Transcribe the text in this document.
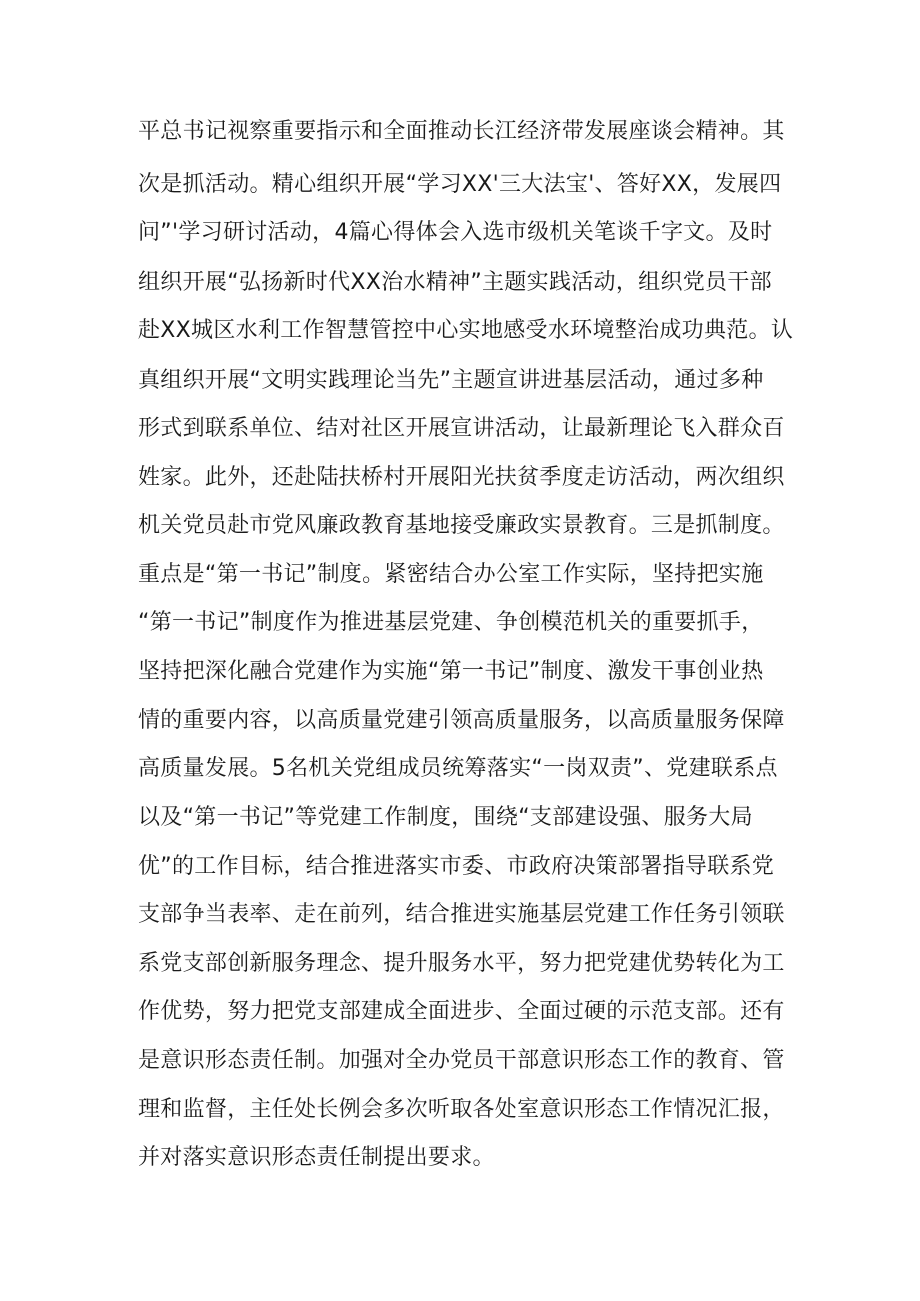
平总书记视察重要指示和全面推动长江经济带发展座谈会精神。其
次是抓活动。精心组织开展“学习XX'三大法宝'、答好XX，发展四
问”'学习研讨活动，4篇心得体会入选市级机关笔谈千字文。及时
组织开展“弘扬新时代XX治水精神”主题实践活动，组织党员干部
赴XX城区水利工作智慧管控中心实地感受水环境整治成功典范。认
真组织开展“文明实践理论当先”主题宣讲进基层活动，通过多种
形式到联系单位、结对社区开展宣讲活动，让最新理论飞入群众百
姓家。此外，还赴陆扶桥村开展阳光扶贫季度走访活动，两次组织
机关党员赴市党风廉政教育基地接受廉政实景教育。三是抓制度。
重点是“第一书记”制度。紧密结合办公室工作实际，坚持把实施
“第一书记”制度作为推进基层党建、争创模范机关的重要抓手，
坚持把深化融合党建作为实施“第一书记”制度、激发干事创业热
情的重要内容，以高质量党建引领高质量服务，以高质量服务保障
高质量发展。5名机关党组成员统筹落实“一岗双责”、党建联系点
以及“第一书记”等党建工作制度，围绕“支部建设强、服务大局
优”的工作目标，结合推进落实市委、市政府决策部署指导联系党
支部争当表率、走在前列，结合推进实施基层党建工作任务引领联
系党支部创新服务理念、提升服务水平，努力把党建优势转化为工
作优势，努力把党支部建成全面进步、全面过硬的示范支部。还有
是意识形态责任制。加强对全办党员干部意识形态工作的教育、管
理和监督，主任处长例会多次听取各处室意识形态工作情况汇报，
并对落实意识形态责任制提出要求。
